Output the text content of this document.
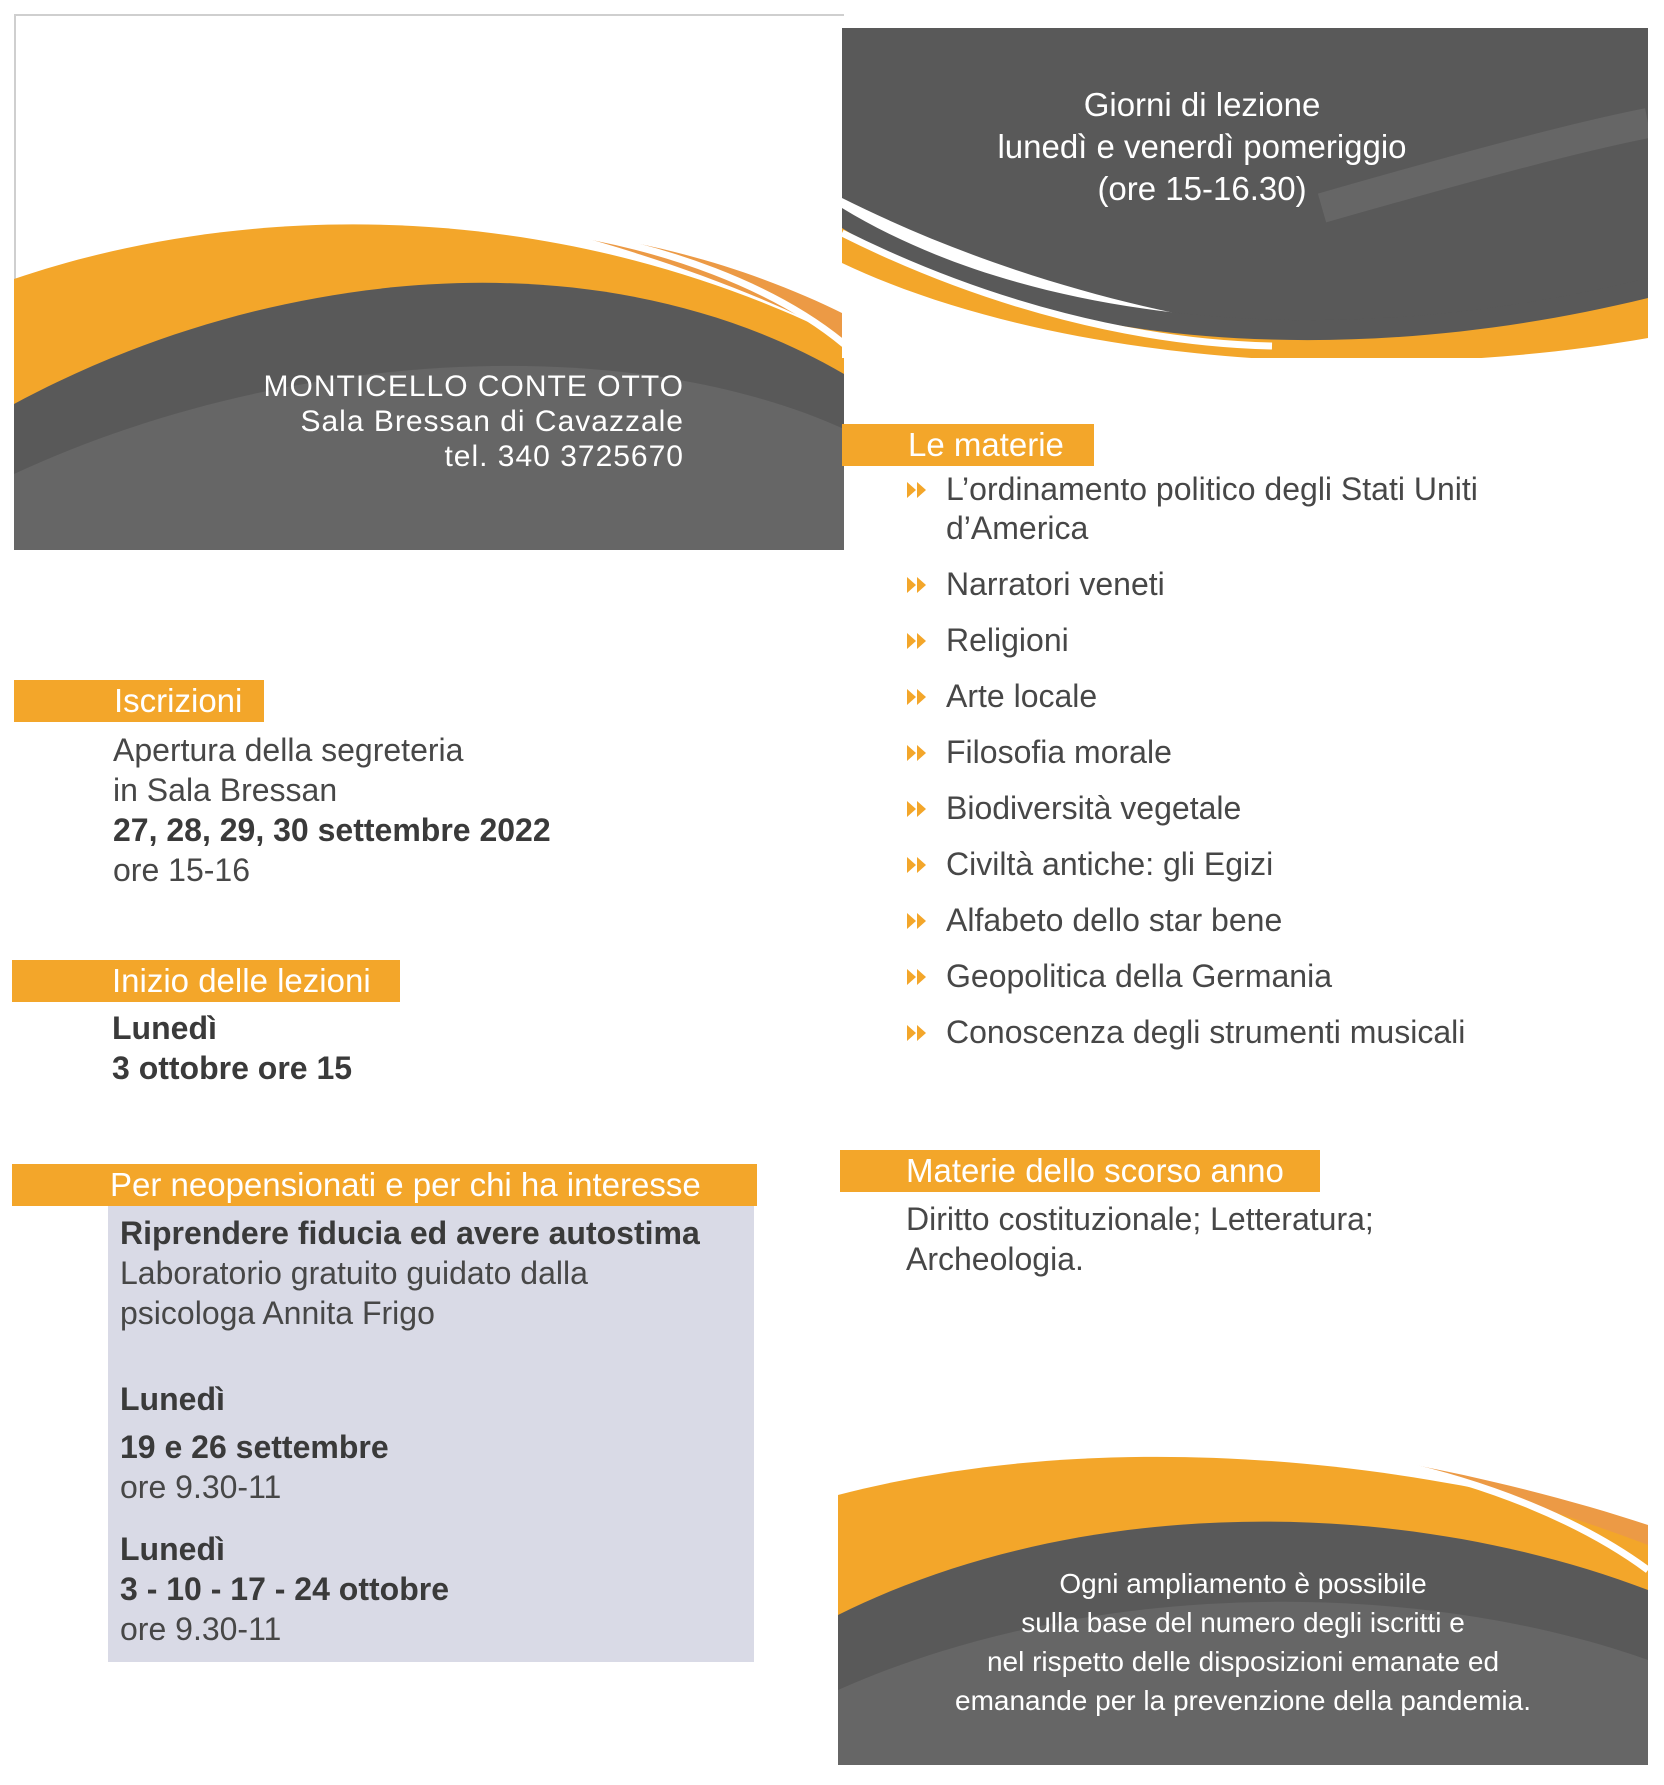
MONTICELLO CONTE OTTO
Sala Bressan di Cavazzale
tel. 340 3725670
Giorni di lezione
lunedì e venerdì pomeriggio
(ore 15-16.30)
Le materie
L’ordinamento politico degli Stati Uniti d’America
Narratori veneti
Religioni
Arte locale
Filosofia morale
Biodiversità vegetale
Civiltà antiche: gli Egizi
Alfabeto dello star bene
Geopolitica della Germania
Conoscenza degli strumenti musicali
Iscrizioni
Apertura della segreteria
in Sala Bressan
27, 28, 29, 30 settembre 2022
ore 15-16
Inizio delle lezioni
Lunedì
3 ottobre ore 15
Per neopensionati e per chi ha interesse
Riprendere fiducia ed avere autostima
Laboratorio gratuito guidato dalla
psicologa Annita Frigo
Lunedì
19 e 26 settembre
ore 9.30-11
Lunedì
3 - 10 - 17 - 24 ottobre
ore 9.30-11
Materie dello scorso anno
Diritto costituzionale; Letteratura;
Archeologia.
Ogni ampliamento è possibile
sulla base del numero degli iscritti e
nel rispetto delle disposizioni emanate ed
emanande per la prevenzione della pandemia.
